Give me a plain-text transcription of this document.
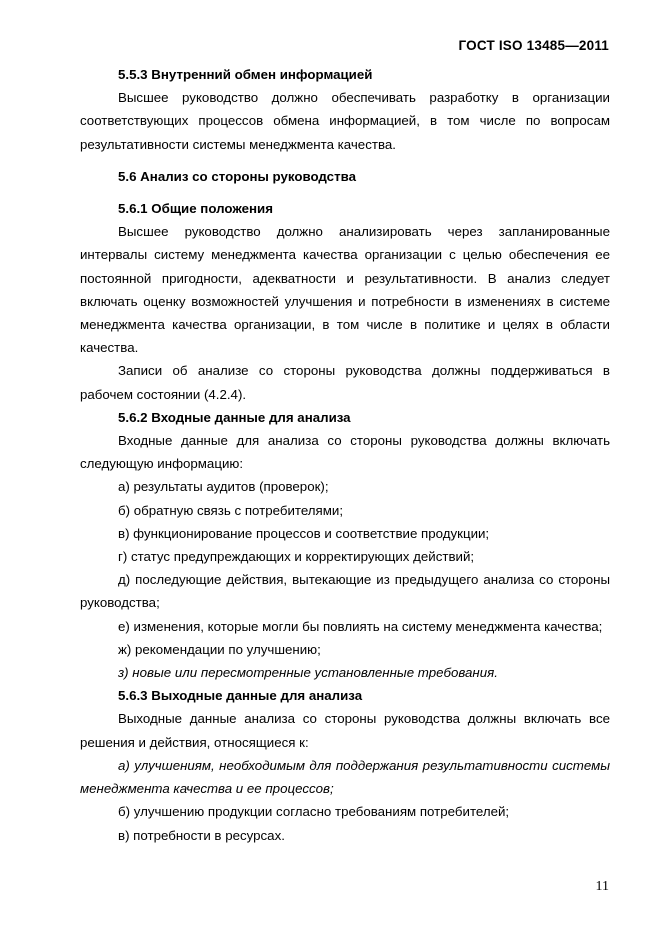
ГОСТ ISO 13485—2011

5.5.3 Внутренний обмен информацией

Высшее руководство должно обеспечивать разработку в организации соответствующих процессов обмена информацией, в том числе по вопросам результативности системы менеджмента качества.

5.6 Анализ со стороны руководства

5.6.1 Общие положения

Высшее руководство должно анализировать через запланированные интервалы систему менеджмента качества организации с целью обеспечения ее постоянной пригодности, адекватности и результативности. В анализ следует включать оценку возможностей улучшения и потребности в изменениях в системе менеджмента качества организации, в том числе в политике и целях в области качества.

Записи об анализе со стороны руководства должны поддерживаться в рабочем состоянии (4.2.4).

5.6.2 Входные данные для анализа

Входные данные для анализа со стороны руководства должны включать следующую информацию:

а) результаты аудитов (проверок);

б) обратную связь с потребителями;

в) функционирование процессов и соответствие продукции;

г) статус предупреждающих и корректирующих действий;

д) последующие действия, вытекающие из предыдущего анализа со стороны руководства;

е) изменения, которые могли бы повлиять на систему менеджмента качества;

ж) рекомендации по улучшению;

з) новые или пересмотренные установленные требования.

5.6.3 Выходные данные для анализа

Выходные данные анализа со стороны руководства должны включать все решения и действия, относящиеся к:

а) улучшениям, необходимым для поддержания результативности системы менеджмента качества и ее процессов;

б) улучшению продукции согласно требованиям потребителей;

в) потребности в ресурсах.

11
